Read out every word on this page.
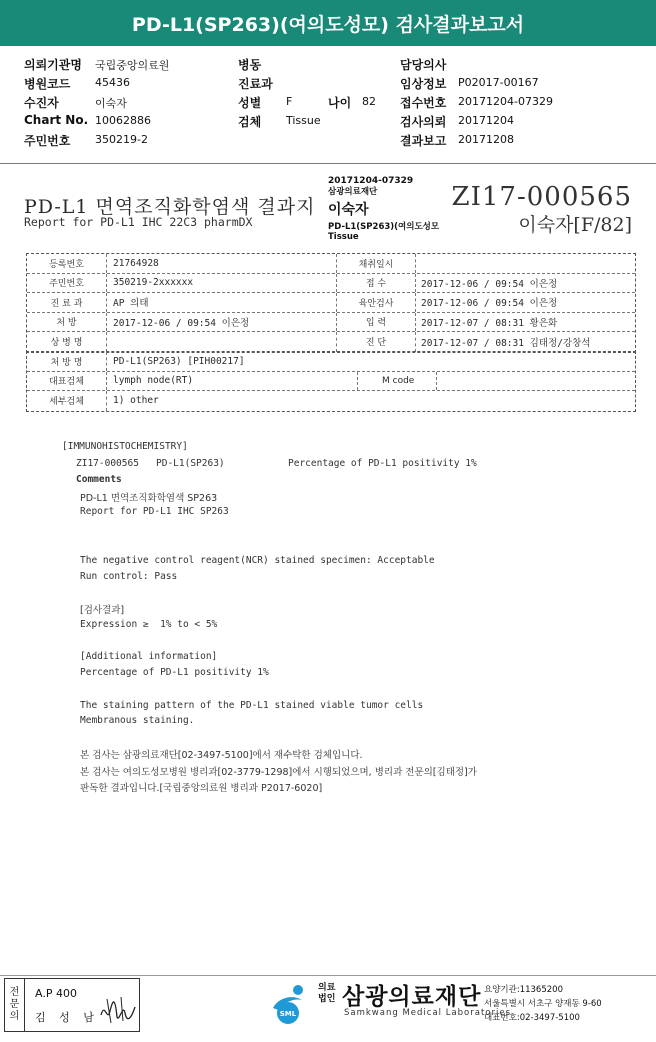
PD-L1(SP263)(여의도성모) 검사결과보고서
의뢰기관명 국립중앙의료원	병동	담당의사
병원코드 45436	진료과	임상정보 P02017-00167
수진자	이숙자	성별 F	나이 82 접수번호 20171204-07329
Chart No. 10062886	검체 Tissue	검사의뢰 20171204
주민번호 350219-2	결과보고 20171208
PD-L1 면역조직화학염색 결과지
Report for PD-L1 IHC 22C3 pharmDX
20171204-07329
삼광의료재단
이숙자
PD-L1(SP263)(여의도성모
Tissue
ZI17-000565
이숙자[F/82]
등록번호	21764928	채취일시
주민번호	350219-2xxxxxx	접 수	2017-12-06 / 09:54 이은정
진 료 과	AP 의태	육안검사	2017-12-06 / 09:54 이은정
처 방	2017-12-06 / 09:54 이은정	입 력	2017-12-07 / 08:31 황은화
상 병 명	진 단	2017-12-07 / 08:31 김태정/강창석
처 방 명	PD-L1(SP263) [PIH00217]
대표검체	lymph node(RT)	M code
세부검체	1) other
[IMMUNOHISTOCHEMISTRY]
ZI17-000565 PD-L1(SP263)	Percentage of PD-L1 positivity 1%
Comments
PD-L1 면역조직화학염색 SP263
Report for PD-L1 IHC SP263
The negative control reagent(NCR) stained specimen: Acceptable
Run control: Pass
[검사결과]
Expression ≥  1% to < 5%
[Additional information]
Percentage of PD-L1 positivity 1%
The staining pattern of the PD-L1 stained viable tumor cells
Membranous staining.
본 검사는 삼광의료재단[02-3497-5100]에서 재수탁한 검체입니다.
본 검사는 여의도성모병원 병리과[02-3779-1298]에서 시행되었으며, 병리과 전문의[김태정]가
판독한 결과입니다.[국립중앙의료원 병리과 P2017-6020]
전
문
의
A.P 400
김 성 남	SML
의료
법인 삼광의료재단
Samkwang Medical Laboratories
요양기관:11365200
서울특별시 서초구 양재동 9-60
대표번호:02-3497-5100
